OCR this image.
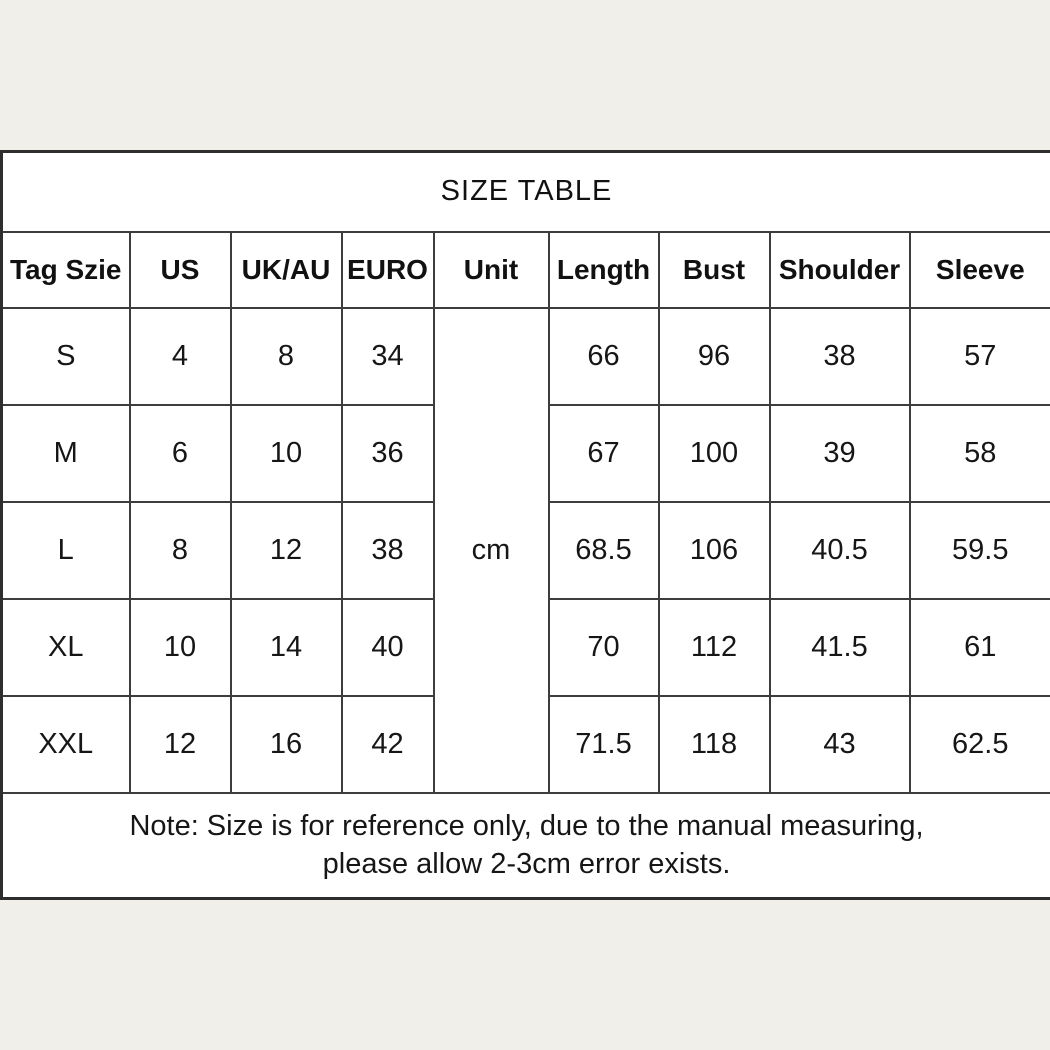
SIZE TABLE								
Tag Szie	US	UK/AU	EURO	Unit	Length	Bust	Shoulder	Sleeve
S	4	8	34	cm	66	96	38	57
M	6	10	36		67	100	39	58
L	8	12	38		68.5	106	40.5	59.5
XL	10	14	40		70	112	41.5	61
XXL	12	16	42		71.5	118	43	62.5

Note: Size is for reference only, due to the manual measuring,
please allow 2-3cm error exists.								
